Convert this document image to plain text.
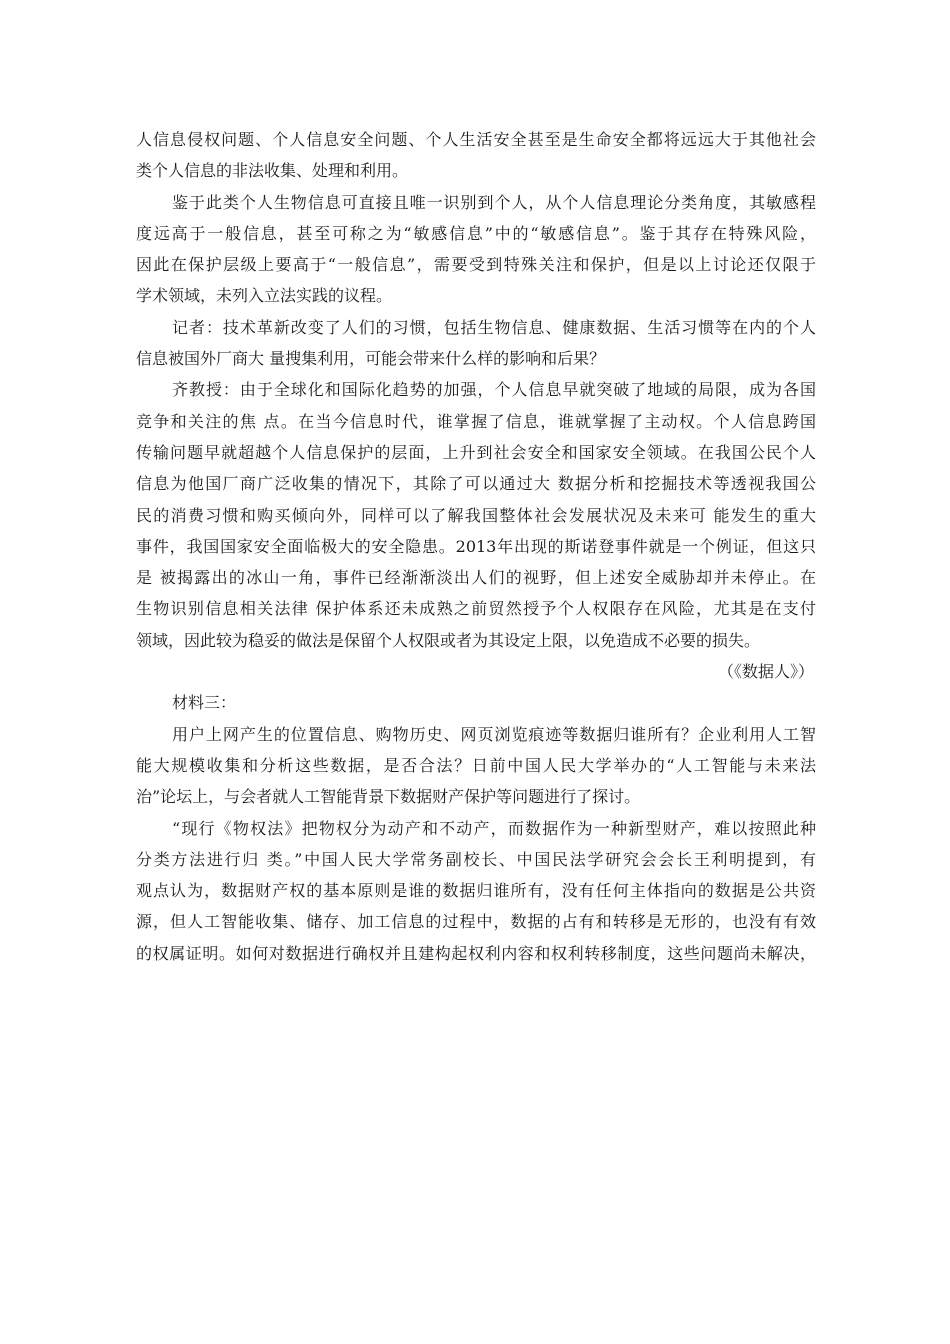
人信息侵权问题、个人信息安全问题、个人生活安全甚至是生命安全都将远远大于其他社会
类个人信息的非法收集、处理和利用。
鉴于此类个人生物信息可直接且唯一识别到个人，从个人信息理论分类角度，其敏感程
度远高于一般信息，甚至可称之为“敏感信息”中的“敏感信息”。鉴于其存在特殊风险，
因此在保护层级上要高于“一般信息”，需要受到特殊关注和保护，但是以上讨论还仅限于
学术领域，未列入立法实践的议程。
记者：技术革新改变了人们的习惯，包括生物信息、健康数据、生活习惯等在内的个人
信息被国外厂商大 量搜集利用，可能会带来什么样的影响和后果？
齐教授：由于全球化和国际化趋势的加强，个人信息早就突破了地域的局限，成为各国
竞争和关注的焦 点。在当今信息时代，谁掌握了信息，谁就掌握了主动权。个人信息跨国
传输问题早就超越个人信息保护的层面，上升到社会安全和国家安全领域。在我国公民个人
信息为他国厂商广泛收集的情况下，其除了可以通过大 数据分析和挖掘技术等透视我国公
民的消费习惯和购买倾向外，同样可以了解我国整体社会发展状况及未来可 能发生的重大
事件，我国国家安全面临极大的安全隐患。2013年出现的斯诺登事件就是一个例证，但这只
是 被揭露出的冰山一角，事件已经渐渐淡出人们的视野，但上述安全威胁却并未停止。在
生物识别信息相关法律 保护体系还未成熟之前贸然授予个人权限存在风险，尤其是在支付
领域，因此较为稳妥的做法是保留个人权限或者为其设定上限，以免造成不必要的损失。
（《数据人》）
材料三：
用户上网产生的位置信息、购物历史、网页浏览痕迹等数据归谁所有？企业利用人工智
能大规模收集和分析这些数据，是否合法？日前中国人民大学举办的“人工智能与未来法
治”论坛上，与会者就人工智能背景下数据财产保护等问题进行了探讨。
“现行《物权法》把物权分为动产和不动产，而数据作为一种新型财产，难以按照此种
分类方法进行归 类。”中国人民大学常务副校长、中国民法学研究会会长王利明提到，有
观点认为，数据财产权的基本原则是谁的数据归谁所有，没有任何主体指向的数据是公共资
源，但人工智能收集、储存、加工信息的过程中，数据的占有和转移是无形的，也没有有效
的权属证明。如何对数据进行确权并且建构起权利内容和权利转移制度，这些问题尚未解决，
